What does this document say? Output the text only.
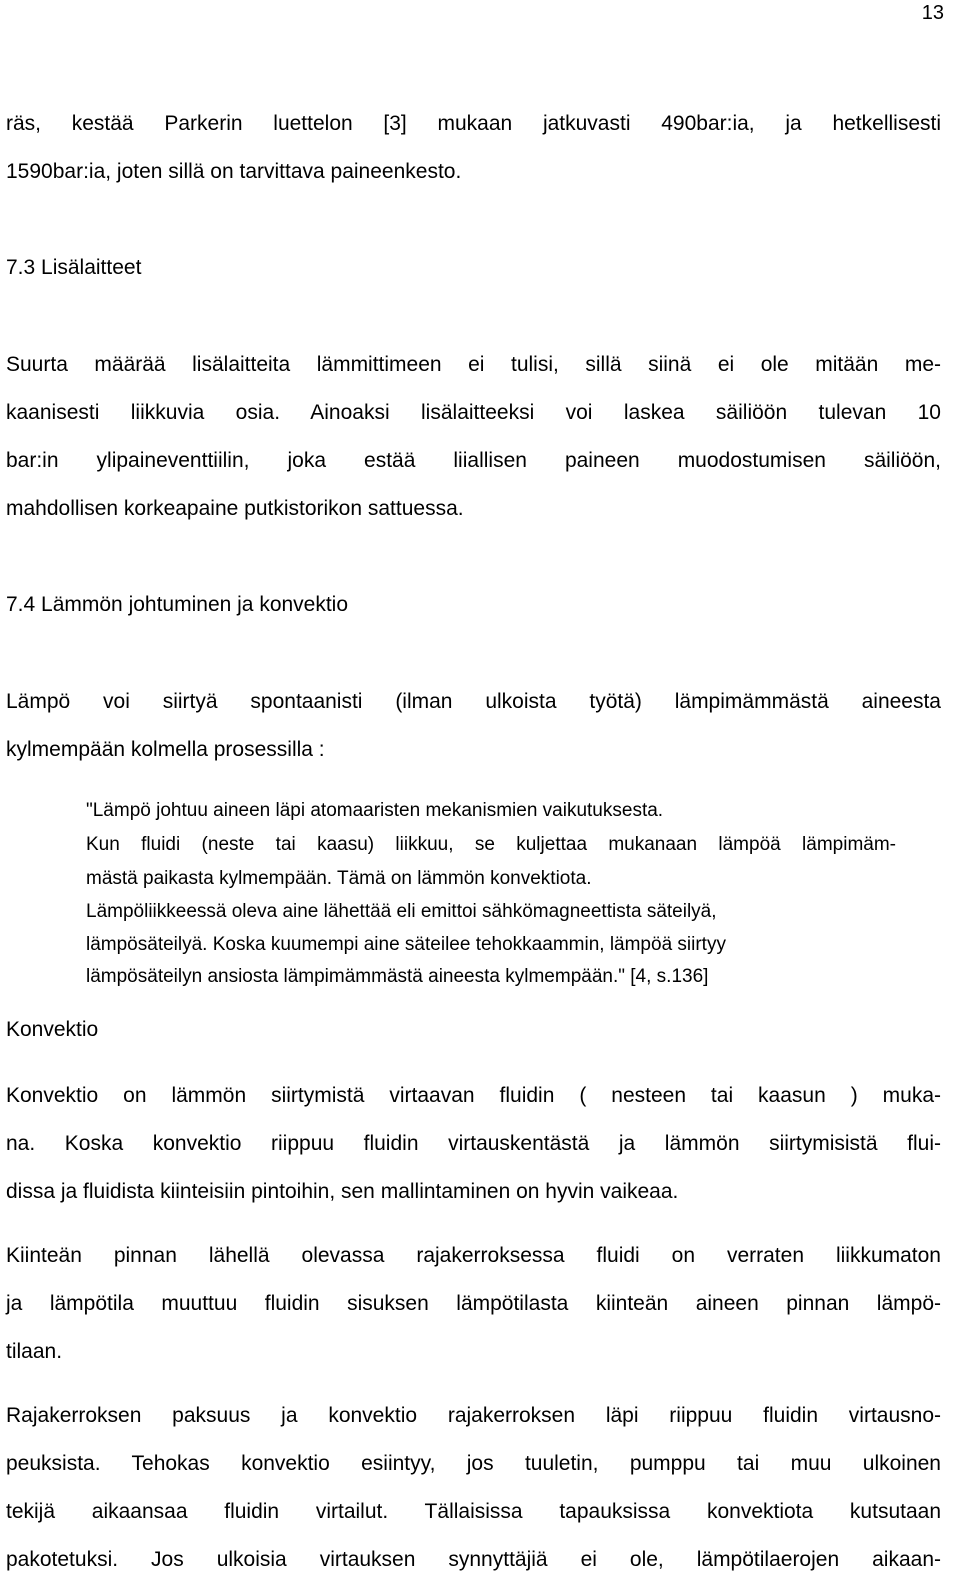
13
räs, kestää Parkerin luettelon [3] mukaan jatkuvasti 490bar:ia, ja hetkellisesti
1590bar:ia, joten sillä on tarvittava paineenkesto.
7.3 Lisälaitteet
Suurta määrää lisälaitteita lämmittimeen ei tulisi, sillä siinä ei ole mitään me-
kaanisesti liikkuvia osia. Ainoaksi lisälaitteeksi voi laskea säiliöön tulevan 10
bar:in ylipaineventtiilin, joka estää liiallisen paineen muodostumisen säiliöön,
mahdollisen korkeapaine putkistorikon sattuessa.
7.4 Lämmön johtuminen ja konvektio
Lämpö voi siirtyä spontaanisti (ilman ulkoista työtä) lämpimämmästä aineesta
kylmempään kolmella prosessilla :
"Lämpö johtuu aineen läpi atomaaristen mekanismien vaikutuksesta.
Kun fluidi (neste tai kaasu) liikkuu, se kuljettaa mukanaan lämpöä lämpimäm-
mästä paikasta kylmempään. Tämä on lämmön konvektiota.
Lämpöliikkeessä oleva aine lähettää eli emittoi sähkömagneettista säteilyä,
lämpösäteilyä. Koska kuumempi aine säteilee tehokkaammin, lämpöä siirtyy
lämpösäteilyn ansiosta lämpimämmästä aineesta kylmempään." [4, s.136]
Konvektio
Konvektio on lämmön siirtymistä virtaavan fluidin ( nesteen tai kaasun ) muka-
na. Koska konvektio riippuu fluidin virtauskentästä ja lämmön siirtymisistä flui-
dissa ja fluidista kiinteisiin pintoihin, sen mallintaminen on hyvin vaikeaa.
Kiinteän pinnan lähellä olevassa rajakerroksessa fluidi on verraten liikkumaton
ja lämpötila muuttuu fluidin sisuksen lämpötilasta kiinteän aineen pinnan lämpö-
tilaan.
Rajakerroksen paksuus ja konvektio rajakerroksen läpi riippuu fluidin virtausno-
peuksista. Tehokas konvektio esiintyy, jos tuuletin, pumppu tai muu ulkoinen
tekijä aikaansaa fluidin virtailut. Tällaisissa tapauksissa konvektiota kutsutaan
pakotetuksi. Jos ulkoisia virtauksen synnyttäjiä ei ole, lämpötilaerojen aikaan-
